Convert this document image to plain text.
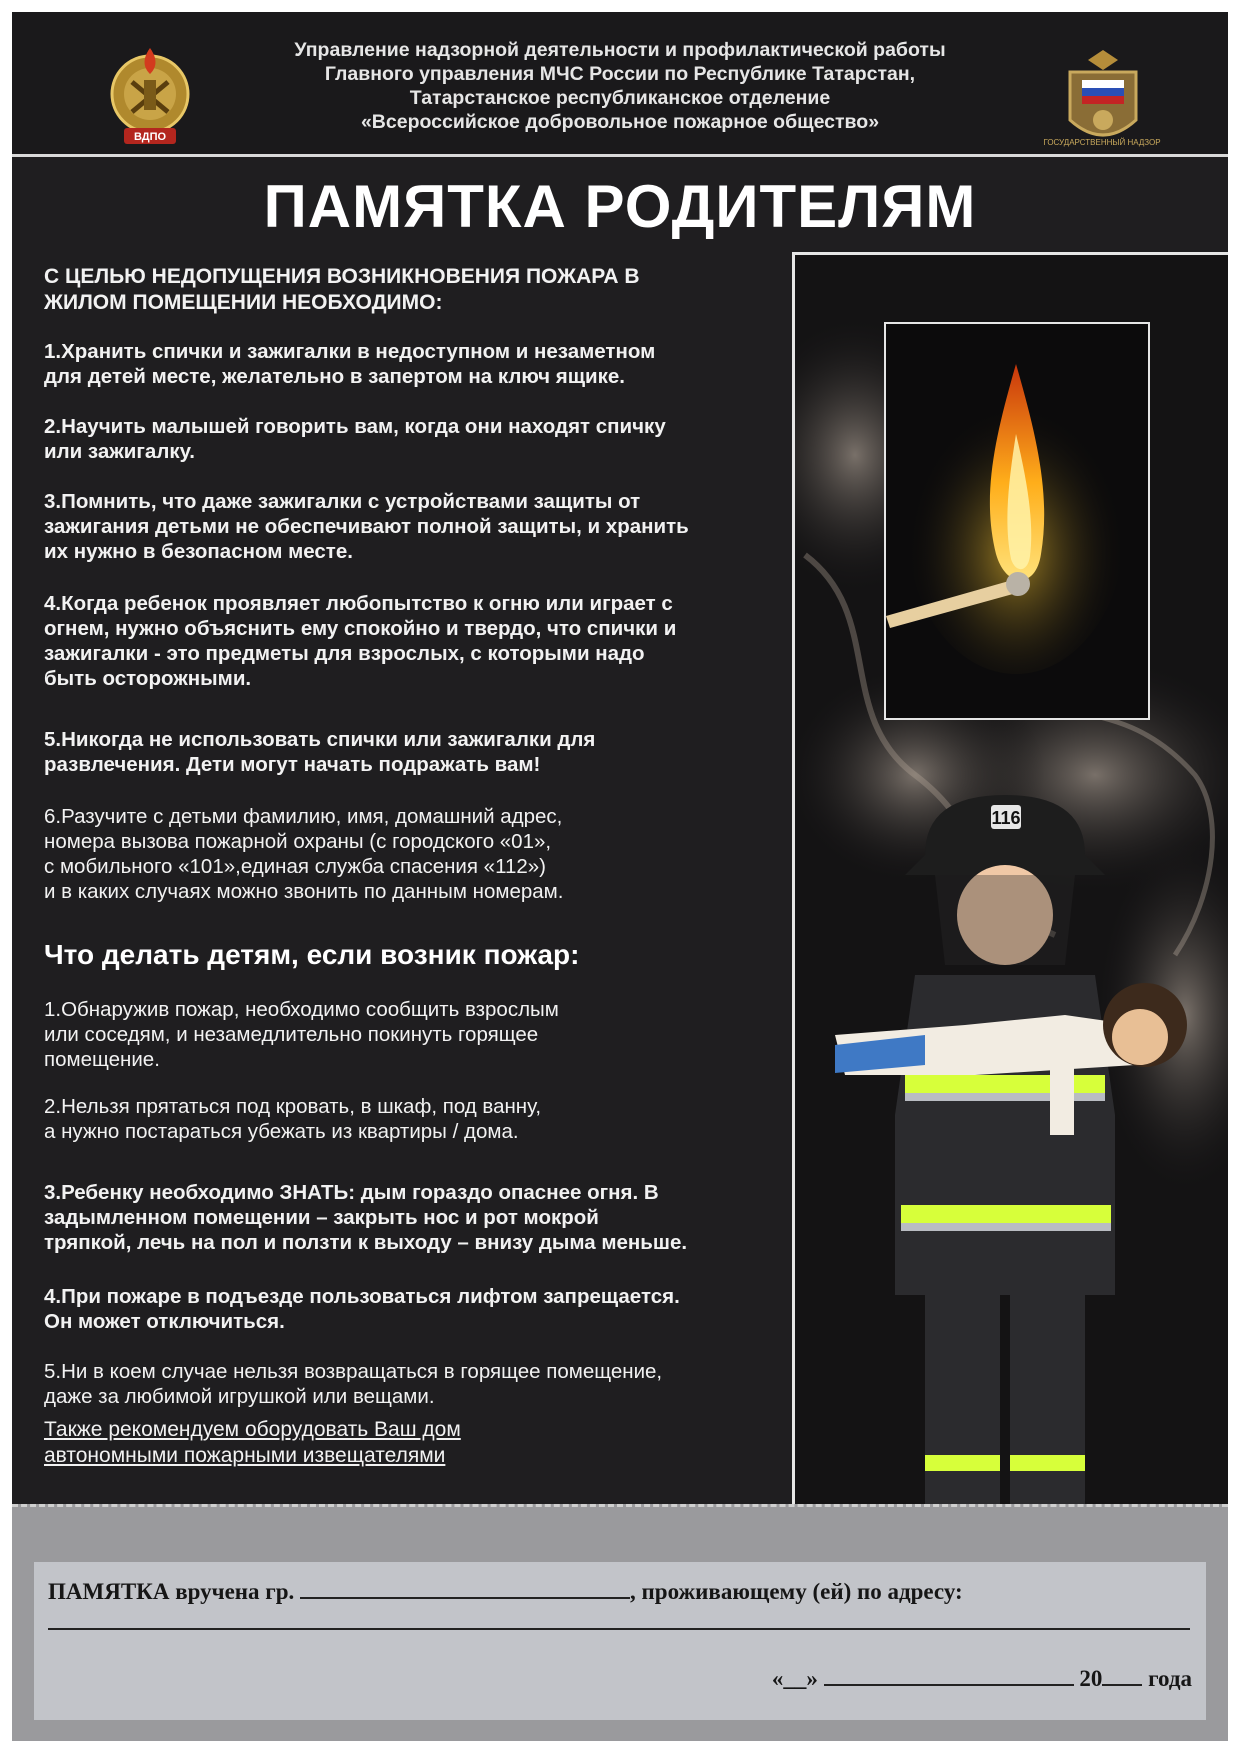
ВДПО
Управление надзорной деятельности и профилактической работы
Главного управления МЧС России по Республике Татарстан,
Татарстанское республиканское отделение
«Всероссийское добровольное пожарное общество»
ГОСУДАРСТВЕННЫЙ НАДЗОР
ПАМЯТКА РОДИТЕЛЯМ
116
С ЦЕЛЬЮ НЕДОПУЩЕНИЯ ВОЗНИКНОВЕНИЯ ПОЖАРА В
ЖИЛОМ ПОМЕЩЕНИИ НЕОБХОДИМО:
1.Хранить спички и зажигалки в недоступном и незаметном
для детей месте, желательно в запертом на ключ ящике.
2.Научить малышей говорить вам, когда они находят спичку
или зажигалку.
3.Помнить, что даже зажигалки с устройствами защиты от
зажигания детьми не обеспечивают полной защиты, и хранить
их нужно в безопасном месте.
4.Когда ребенок проявляет любопытство к огню или играет с
огнем, нужно объяснить ему спокойно и твердо, что спички и
зажигалки - это предметы для взрослых, с которыми надо
быть осторожными.
5.Никогда не использовать спички или зажигалки для
развлечения. Дети могут начать подражать вам!
6.Разучите с детьми фамилию, имя, домашний адрес,
номера вызова пожарной охраны (с городского «01»,
с мобильного «101»,единая служба спасения «112»)
и в каких случаях можно звонить по данным номерам.
Что делать детям, если возник пожар:
1.Обнаружив пожар, необходимо сообщить взрослым
или соседям, и незамедлительно покинуть горящее
помещение.
2.Нельзя прятаться под кровать, в шкаф, под ванну,
а нужно постараться убежать из квартиры / дома.
3.Ребенку необходимо ЗНАТЬ: дым гораздо опаснее огня. В
задымленном помещении – закрыть нос и рот мокрой
тряпкой, лечь на пол и ползти к выходу – внизу дыма меньше.
4.При пожаре в подъезде пользоваться лифтом запрещается.
Он может отключиться.
5.Ни в коем случае нельзя возвращаться в горящее помещение,
даже за любимой игрушкой или вещами.
Также рекомендуем оборудовать Ваш дом
автономными пожарными извещателями
ПАМЯТКА вручена гр.	, проживающему (ей) по адресу:
«__»	20 года
